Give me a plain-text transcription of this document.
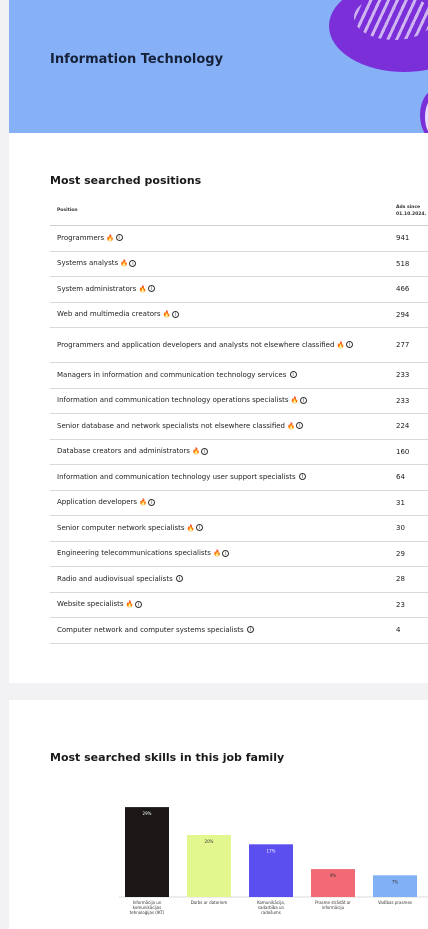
Information Technology
Most searched positions
Position
Ads since
01.10.2024.
Programmers 🔥 i	941
Systems analysts 🔥 i	518
System administrators 🔥 i	466
Web and multimedia creators 🔥 i	294
Programmers and application developers and analysts not elsewhere classified 🔥 i	277
Managers in information and communication technology services i	233
Information and communication technology operations specialists 🔥 i	233
Senior database and network specialists not elsewhere classified 🔥 i	224
Database creators and administrators 🔥 i	160
Information and communication technology user support specialists i	64
Application developers 🔥 i	31
Senior computer network specialists 🔥 i	30
Engineering telecommunications specialists 🔥 i	29
Radio and audiovisual specialists i	28
Website specialists 🔥 i	23
Computer network and computer systems specialists i	4
Most searched skills in this job family
29%
Informācija un komunikācijas tehnoloģijas (IKT)
20%
Darbs ar datoriem
17%
Komunikācija, sadarbība un radošums
9%
Prasme strādāt ar informāciju
7%
Vadības prasmes
